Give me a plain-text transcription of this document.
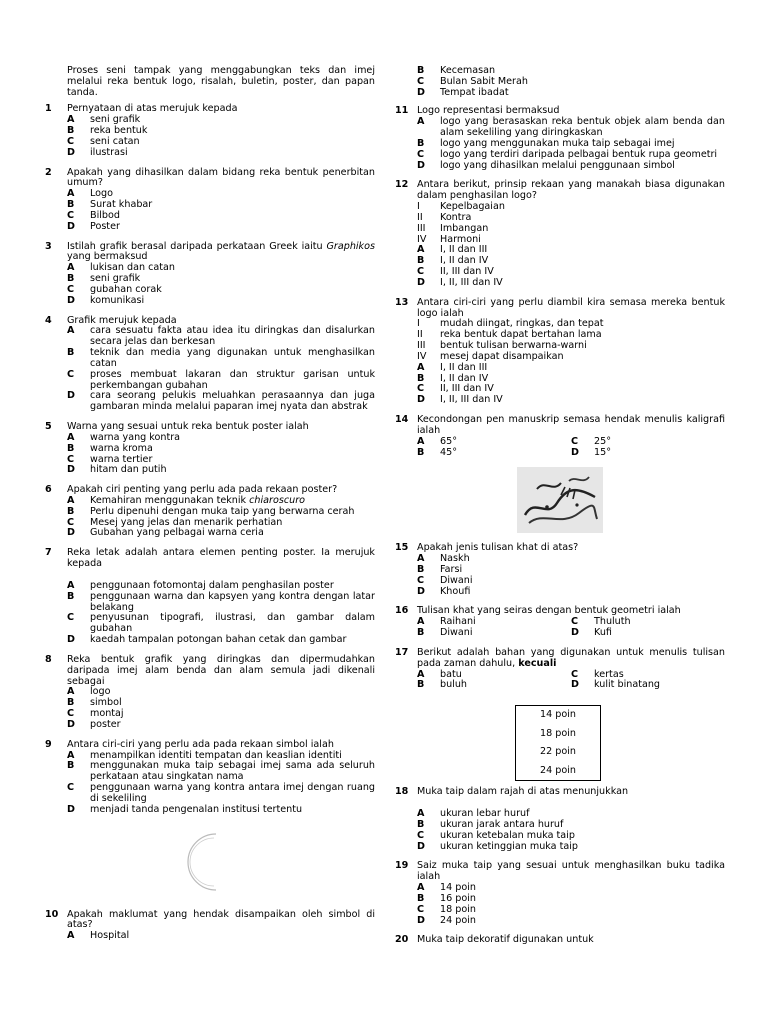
Proses seni tampak yang menggabungkan teks dan imej melalui reka bentuk logo, risalah, buletin, poster, dan papan tanda.
1	Pernyataan di atas merujuk kepada
A	seni grafik
B	reka bentuk
C	seni catan
D	ilustrasi
2	Apakah yang dihasilkan dalam bidang reka bentuk penerbitan umum?
A	Logo
B	Surat khabar
C	Bilbod
D	Poster
3	Istilah grafik berasal daripada perkataan Greek iaitu Graphikos yang bermaksud
A	lukisan dan catan
B	seni grafik
C	gubahan corak
D	komunikasi
4	Grafik merujuk kepada
A	cara sesuatu fakta atau idea itu diringkas dan disalurkan secara jelas dan berkesan
B	teknik dan media yang digunakan untuk menghasilkan catan
C	proses membuat lakaran dan struktur garisan untuk perkembangan gubahan
D	cara seorang pelukis meluahkan perasaannya dan juga gambaran minda melalui paparan imej nyata dan abstrak
5	Warna yang sesuai untuk reka bentuk poster ialah
A	warna yang kontra
B	warna kroma
C	warna tertier
D	hitam dan putih
6	Apakah ciri penting yang perlu ada pada rekaan poster?
A	Kemahiran menggunakan teknik chiaroscuro
B	Perlu dipenuhi dengan muka taip yang berwarna cerah
C	Mesej yang jelas dan menarik perhatian
D	Gubahan yang pelbagai warna ceria
7	Reka letak adalah antara elemen penting poster. Ia merujuk kepada
A	penggunaan fotomontaj dalam penghasilan poster
B	penggunaan warna dan kapsyen yang kontra dengan latar belakang
C	penyusunan tipografi, ilustrasi, dan gambar dalam gubahan
D	kaedah tampalan potongan bahan cetak dan gambar
8	Reka bentuk grafik yang diringkas dan dipermudahkan daripada imej alam benda dan alam semula jadi dikenali sebagai
A	logo
B	simbol
C	montaj
D	poster
9	Antara ciri-ciri yang perlu ada pada rekaan simbol ialah
A	menampilkan identiti tempatan dan keaslian identiti
B	menggunakan muka taip sebagai imej sama ada seluruh perkataan atau singkatan nama
C	penggunaan warna yang kontra antara imej dengan ruang di sekeliling
D	menjadi tanda pengenalan institusi tertentu
10 Apakah maklumat yang hendak disampaikan oleh simbol di atas?
A	Hospital
B	Kecemasan
C	Bulan Sabit Merah
D	Tempat ibadat
11 Logo representasi bermaksud
A	logo yang berasaskan reka bentuk objek alam benda dan alam sekeliling yang diringkaskan
B	logo yang menggunakan muka taip sebagai imej
C	logo yang terdiri daripada pelbagai bentuk rupa geometri
D	logo yang dihasilkan melalui penggunaan simbol
12 Antara berikut, prinsip rekaan yang manakah biasa digunakan dalam penghasilan logo?
I	Kepelbagaian
II	Kontra
III	Imbangan
IV	Harmoni
A	I, II dan III
B	I, II dan IV
C	II, III dan IV
D	I, II, III dan IV
13 Antara ciri-ciri yang perlu diambil kira semasa mereka bentuk logo ialah
I	mudah diingat, ringkas, dan tepat
II	reka bentuk dapat bertahan lama
III	bentuk tulisan berwarna-warni
IV	mesej dapat disampaikan
A	I, II dan III
B	I, II dan IV
C	II, III dan IV
D	I, II, III dan IV
14 Kecondongan pen manuskrip semasa hendak menulis kaligrafi ialah
A	65°	C	25°
B	45°	D	15°
15 Apakah jenis tulisan khat di atas?
A	Naskh
B	Farsi
C	Diwani
D	Khoufi
16 Tulisan khat yang seiras dengan bentuk geometri ialah
A	Raihani	C	Thuluth
B	Diwani	D	Kufi
17 Berikut adalah bahan yang digunakan untuk menulis tulisan pada zaman dahulu, kecuali
A	batu	C	kertas
B	buluh	D	kulit binatang
14 poin
18 poin
22 poin
24 poin
18 Muka taip dalam rajah di atas menunjukkan
A	ukuran lebar huruf
B	ukuran jarak antara huruf
C	ukuran ketebalan muka taip
D	ukuran ketinggian muka taip
19 Saiz muka taip yang sesuai untuk menghasilkan buku tadika ialah
A	14 poin
B	16 poin
C	18 poin
D	24 poin
20 Muka taip dekoratif digunakan untuk
